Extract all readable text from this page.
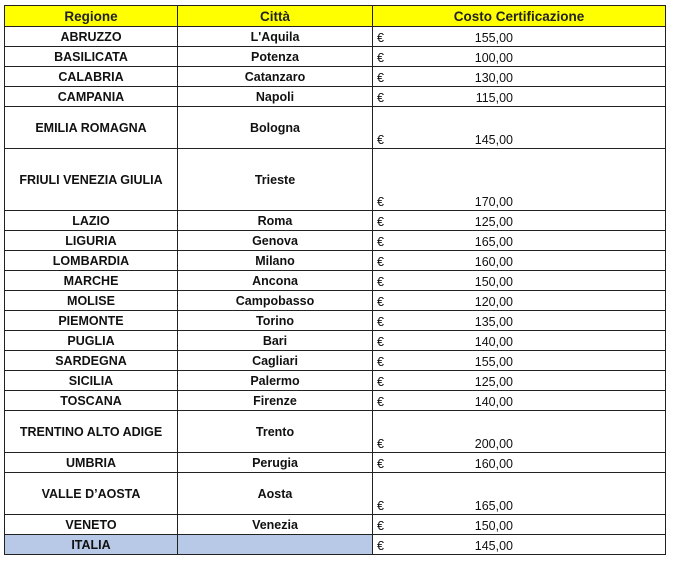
Regione	Città	Costo Certificazione
ABRUZZO	L'Aquila	€ 155,00

BASILICATA	Potenza	€ 100,00

CALABRIA	Catanzaro	€ 130,00

CAMPANIA	Napoli	€ 115,00

EMILIA ROMAGNA	Bologna	€ 145,00

FRIULI VENEZIA GIULIA	Trieste	€ 170,00

LAZIO	Roma	€ 125,00

LIGURIA	Genova	€ 165,00

LOMBARDIA	Milano	€ 160,00

MARCHE	Ancona	€ 150,00

MOLISE	Campobasso	€ 120,00

PIEMONTE	Torino	€ 135,00

PUGLIA	Bari	€ 140,00

SARDEGNA	Cagliari	€ 155,00

SICILIA	Palermo	€ 125,00

TOSCANA	Firenze	€ 140,00

TRENTINO ALTO ADIGE	Trento	€ 200,00

UMBRIA	Perugia	€ 160,00

VALLE D’AOSTA	Aosta	€ 165,00

VENETO	Venezia	€ 150,00

ITALIA		€ 145,00
